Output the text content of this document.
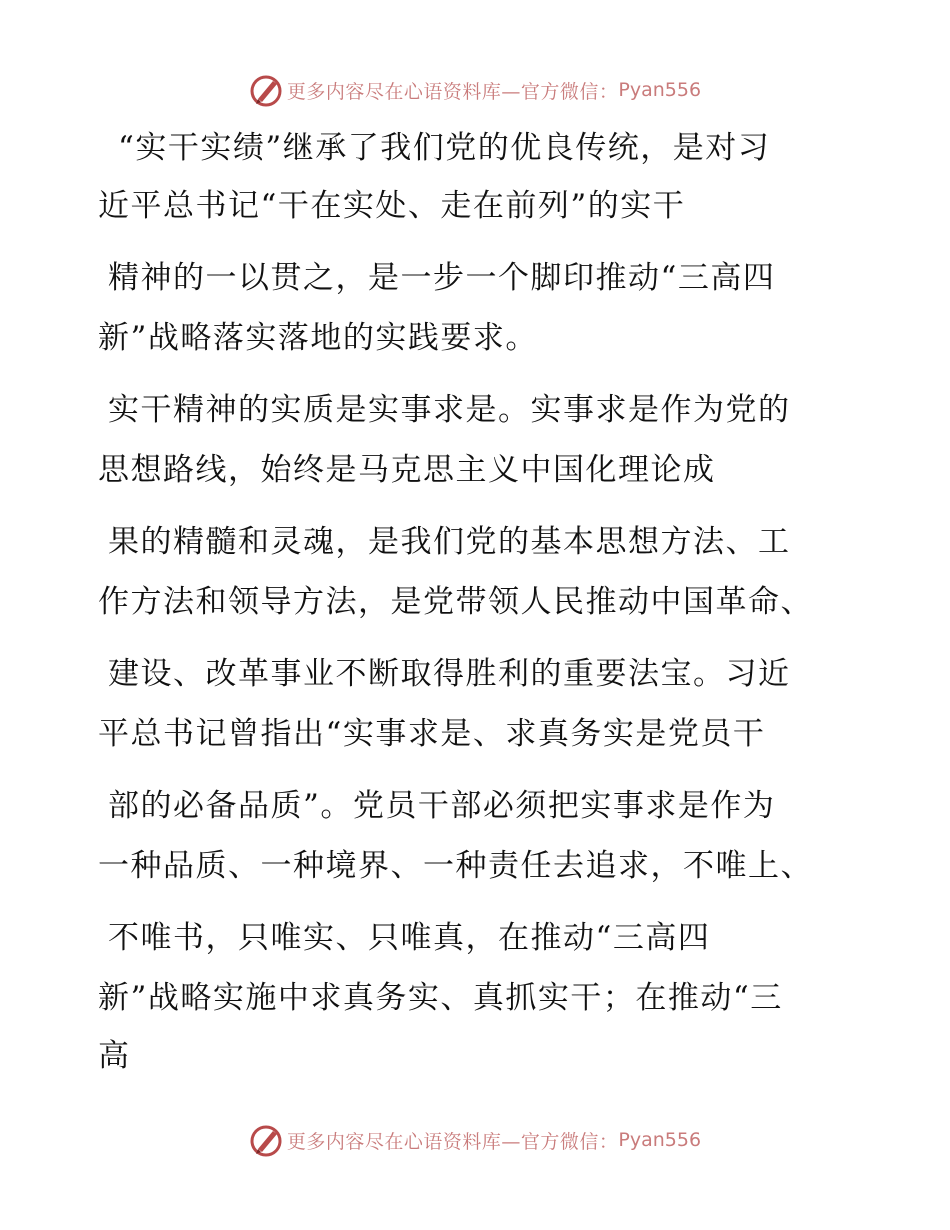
更多内容尽在心语资料库—官方微信： Pyan556
“实干实绩”继承了我们党的优良传统，是对习
近平总书记“干在实处、走在前列”的实干
精神的一以贯之，是一步一个脚印推动“三高四
新”战略落实落地的实践要求。
实干精神的实质是实事求是。实事求是作为党的
思想路线，始终是马克思主义中国化理论成
果的精髓和灵魂，是我们党的基本思想方法、工
作方法和领导方法，是党带领人民推动中国革命、
建设、改革事业不断取得胜利的重要法宝。习近
平总书记曾指出“实事求是、求真务实是党员干
部的必备品质”。党员干部必须把实事求是作为
一种品质、一种境界、一种责任去追求，不唯上、
不唯书，只唯实、只唯真，在推动“三高四
新”战略实施中求真务实、真抓实干；在推动“三
高
更多内容尽在心语资料库—官方微信： Pyan556
